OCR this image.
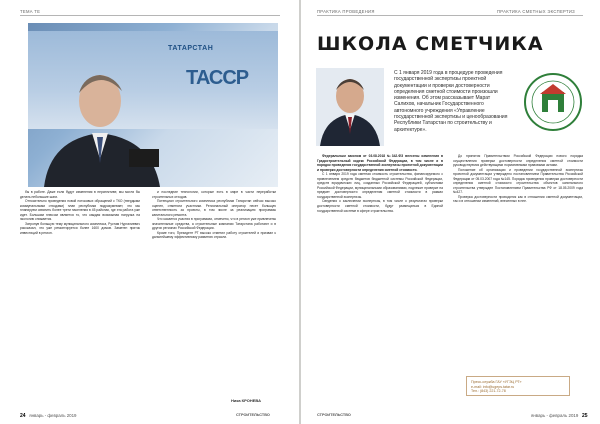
ТЕМА ТЕ
ТАТАРСТАН
ТАССР

бы в работе. Даже если будут изменения в перспективе, мы могли бы делать небольшие шаги.

Относительно проведения новой потоковых обращений с ТКО (твердыми коммунальными отходами) план республики подразумевает, что мы планируем охватить более трети населения в 45 районах, где эта работа уже идет. Большим плюсом является то, что каждая возможная нагрузка на экологию снижается.

Затронув большую тему муниципального комплекса, Рустам Нургалиевич рассказал, что уже ремонтируется более 1600 домов. Заметен приток инвестиций в регион.

и последние технологии, которые есть в мире в части переработки строительных отходов.

Потенциал строительного комплекса республики Татарстан сейчас высоко оценен, отметили участники. Региональный оператор несет большую ответственность за проекты, в том числе за реализацию программы капитального ремонта.

Что касается участия в программах, отмечено, что в регион уже привлечены значительные средства, а строительные компании Татарстана работают и в других регионах Российской Федерации.

Кроме того, Президент РТ высоко отметил работу строителей и призвал к дальнейшему эффективному развитию отрасли.

Ника КРОНЕВА
24 январь - февраль 2019	СТРОИТЕЛЬСТВО
ПРАКТИКА ПРОВЕДЕНИЯ	ПРАКТИКА СМЕТНЫХ ЭКСПЕРТИЗ
ШКОЛА СМЕТЧИКА
С 1 января 2019 года в процедуре проведения государственной экспертизы проектной документации и проверки достоверности определения сметной стоимости произошли изменения. Об этом рассказывает Марат Салихов, начальник Государственного автономного учреждения «Управление государственной экспертизы и ценообразования Республики Татарстан по строительству и архитектуре».

Федеральным законом от 03.08.2018 №342-ФЗ внесены изменения в Градостроительный кодекс Российской Федерации, в том числе и в порядок проведения государственной экспертизы проектной документации и проверки достоверности определения сметной стоимости.

С 1 января 2019 года сметная стоимость строительства, финансируемого с привлечением средств бюджетов бюджетной системы Российской Федерации, средств юридических лиц, созданных Российской Федерацией, субъектами Российской Федерации, муниципальными образованиями, подлежит проверке на предмет достоверности определения сметной стоимости в рамках государственной экспертизы.

Сведения о заключении экспертизы, в том числе о результатах проверки достоверности сметной стоимости, будут размещаться в Единой государственной системе в сфере строительства.

До принятия Правительством Российской Федерации нового порядка осуществления проверки достоверности определения сметной стоимости руководствуемся действующими нормативными правовыми актами.

Положение об организации и проведении государственной экспертизы проектной документации утверждено постановлением Правительства Российской Федерации от 05.03.2007 года №145. Порядок проведения проверки достоверности определения сметной стоимости строительства объектов капитального строительства утвержден Постановлением Правительства РФ от 18.05.2009 года №427.

Проверка достоверности проводится как в отношении сметной документации, так и в отношении изменений, внесенных в нее.

Пресс-служба ГАУ «УГЭЦ РТ»
e-mail: info@ugeps.tatar.ru
Тел.: (843) 221-72-78
СТРОИТЕЛЬСТВО	январь - февраль 2019 25
